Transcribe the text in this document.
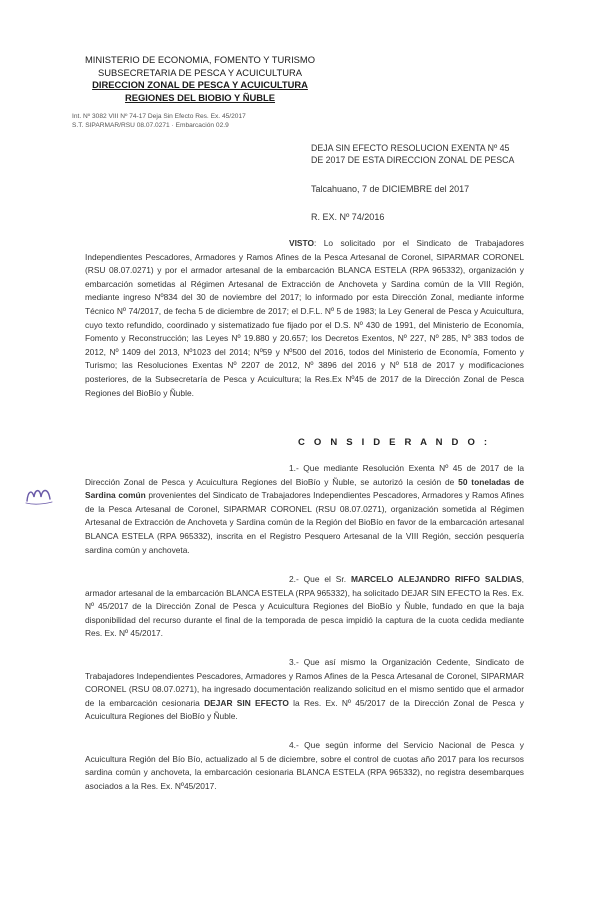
MINISTERIO DE ECONOMIA, FOMENTO Y TURISMO
SUBSECRETARIA DE PESCA Y ACUICULTURA
DIRECCION ZONAL DE PESCA Y ACUICULTURA
REGIONES DEL BIOBIO Y ÑUBLE
Int. Nº 3082 VIII Nº 74-17 Deja Sin Efecto Res. Ex. 45/2017
S.T. SIPARMAR/RSU 08.07.0271 · Embarcación 02.9
DEJA SIN EFECTO RESOLUCION EXENTA Nº 45 DE 2017 DE ESTA DIRECCION ZONAL DE PESCA
Talcahuano, 7 de DICIEMBRE del 2017
R. EX. Nº 74/2016
VISTO: Lo solicitado por el Sindicato de Trabajadores Independientes Pescadores, Armadores y Ramos Afines de la Pesca Artesanal de Coronel, SIPARMAR CORONEL (RSU 08.07.0271) y por el armador artesanal de la embarcación BLANCA ESTELA (RPA 965332), organización y embarcación sometidas al Régimen Artesanal de Extracción de Anchoveta y Sardina común de la VIII Región, mediante ingreso Nº834 del 30 de noviembre del 2017; lo informado por esta Dirección Zonal, mediante informe Técnico Nº 74/2017, de fecha 5 de diciembre de 2017; el D.F.L. Nº 5 de 1983; la Ley General de Pesca y Acuicultura, cuyo texto refundido, coordinado y sistematizado fue fijado por el D.S. Nº 430 de 1991, del Ministerio de Economía, Fomento y Reconstrucción; las Leyes Nº 19.880 y 20.657; los Decretos Exentos, Nº 227, Nº 285, Nº 383 todos de 2012, Nº 1409 del 2013, Nº1023 del 2014; Nº59 y Nº500 del 2016, todos del Ministerio de Economía, Fomento y Turismo; las Resoluciones Exentas Nº 2207 de 2012, Nº 3896 del 2016 y Nº 518 de 2017 y modificaciones posteriores, de la Subsecretaría de Pesca y Acuicultura; la Res.Ex Nº45 de 2017 de la Dirección Zonal de Pesca Regiones del BioBío y Ñuble.
C O N S I D E R A N D O :
1.- Que mediante Resolución Exenta Nº 45 de 2017 de la Dirección Zonal de Pesca y Acuicultura Regiones del BioBío y Ñuble, se autorizó la cesión de 50 toneladas de Sardina común provenientes del Sindicato de Trabajadores Independientes Pescadores, Armadores y Ramos Afines de la Pesca Artesanal de Coronel, SIPARMAR CORONEL (RSU 08.07.0271), organización sometida al Régimen Artesanal de Extracción de Anchoveta y Sardina común de la Región del BioBío en favor de la embarcación artesanal BLANCA ESTELA (RPA 965332), inscrita en el Registro Pesquero Artesanal de la VIII Región, sección pesquería sardina común y anchoveta.
2.- Que el Sr. MARCELO ALEJANDRO RIFFO SALDIAS, armador artesanal de la embarcación BLANCA ESTELA (RPA 965332), ha solicitado DEJAR SIN EFECTO la Res. Ex. Nº 45/2017 de la Dirección Zonal de Pesca y Acuicultura Regiones del BioBío y Ñuble, fundado en que la baja disponibilidad del recurso durante el final de la temporada de pesca impidió la captura de la cuota cedida mediante Res. Ex. Nº 45/2017.
3.- Que así mismo la Organización Cedente, Sindicato de Trabajadores Independientes Pescadores, Armadores y Ramos Afines de la Pesca Artesanal de Coronel, SIPARMAR CORONEL (RSU 08.07.0271), ha ingresado documentación realizando solicitud en el mismo sentido que el armador de la embarcación cesionaria DEJAR SIN EFECTO la Res. Ex. Nº 45/2017 de la Dirección Zonal de Pesca y Acuicultura Regiones del BioBío y Ñuble.
4.- Que según informe del Servicio Nacional de Pesca y Acuicultura Región del Bío Bío, actualizado al 5 de diciembre, sobre el control de cuotas año 2017 para los recursos sardina común y anchoveta, la embarcación cesionaria BLANCA ESTELA (RPA 965332), no registra desembarques asociados a la Res. Ex. Nº45/2017.
